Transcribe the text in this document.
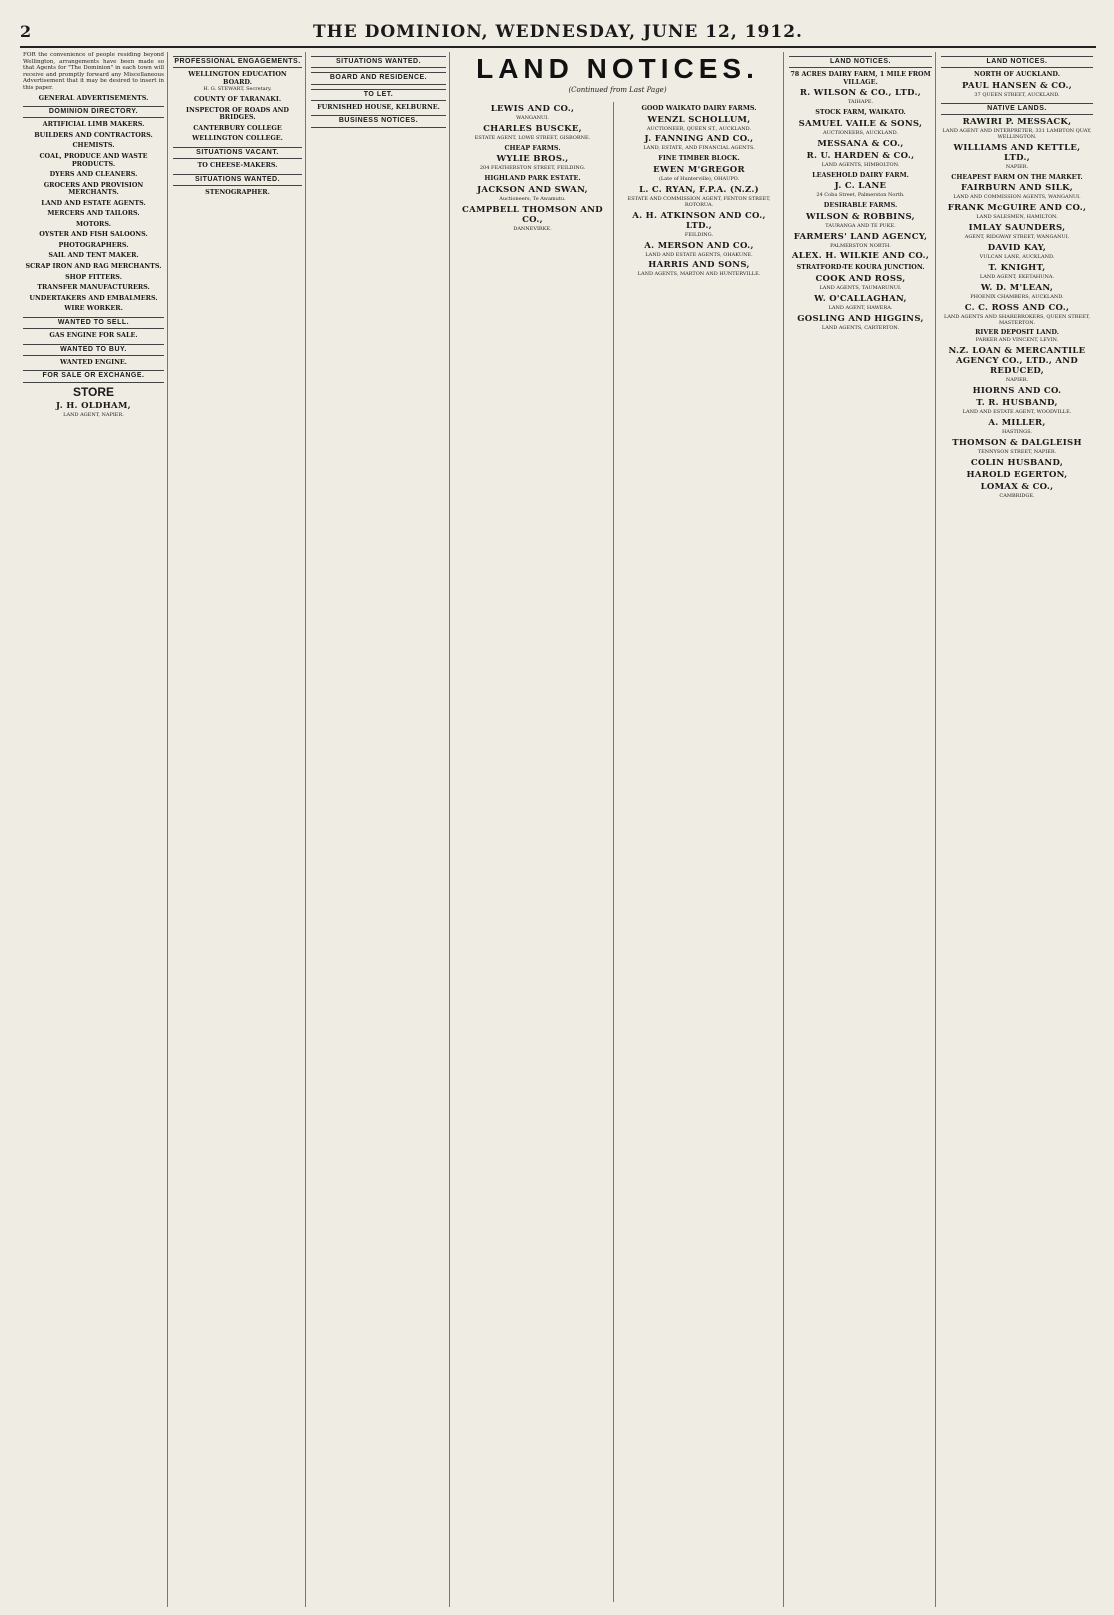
2	THE DOMINION, WEDNESDAY, JUNE 12, 1912.

FOR the convenience of people residing beyond Wellington, arrangements have been made so that Agents for "The Dominion" in each town will receive and promptly forward any Miscellaneous Advertisement that it may be desired to insert in this paper.

GENERAL ADVERTISEMENTS.
DOMINION DIRECTORY.
ARTIFICIAL LIMB MAKERS.
BUILDERS AND CONTRACTORS.
CHEMISTS.
COAL, PRODUCE AND WASTE PRODUCTS.
DYERS AND CLEANERS.
GROCERS AND PROVISION MERCHANTS.
LAND AND ESTATE AGENTS.
MERCERS AND TAILORS.
MOTORS.
OYSTER AND FISH SALOONS.
PHOTOGRAPHERS.
SAIL AND TENT MAKER.
SCRAP IRON AND RAG MERCHANTS.
SHOP FITTERS.
TRANSFER MANUFACTURERS.
UNDERTAKERS AND EMBALMERS.
WIRE WORKER.
WANTED TO SELL.
GAS ENGINE FOR SALE.
WANTED TO BUY.
WANTED ENGINE.
FOR SALE OR EXCHANGE.
STORE
J. H. OLDHAM,
LAND AGENT, NAPIER.
PROFESSIONAL ENGAGEMENTS.
WELLINGTON EDUCATION BOARD.
H. G. STEWART, Secretary.
COUNTY OF TARANAKI.
INSPECTOR OF ROADS AND BRIDGES.
CANTERBURY COLLEGE
WELLINGTON COLLEGE.
SITUATIONS VACANT.
TO CHEESE-MAKERS.
SITUATIONS WANTED.
STENOGRAPHER.
SITUATIONS WANTED.
BOARD AND RESIDENCE.
TO LET.
FURNISHED HOUSE, KELBURNE.
BUSINESS NOTICES.
LAND NOTICES.
(Continued from Last Page)
LEWIS AND CO.,
WANGANUI.
CHARLES BUSCKE,
ESTATE AGENT, LOWE STREET, GISBORNE.
CHEAP FARMS.
WYLIE BROS.,
204 FEATHERSTON STREET, FEILDING.
HIGHLAND PARK ESTATE.
JACKSON AND SWAN,
Auctioneers, Te Awamutu.
CAMPBELL THOMSON AND CO.,
DANNEVIRKE.
GOOD WAIKATO DAIRY FARMS.
WENZL SCHOLLUM,
AUCTIONEER, QUEEN ST., AUCKLAND.
J. FANNING AND CO.,
LAND, ESTATE, AND FINANCIAL AGENTS.
FINE TIMBER BLOCK.
EWEN M'GREGOR
(Late of Hunterville), OHAUPO.
L. C. RYAN, F.P.A. (N.Z.)
ESTATE AND COMMISSION AGENT, FENTON STREET, ROTORUA.
A. H. ATKINSON AND CO., LTD.,
FEILDING.
A. MERSON AND CO.,
LAND AND ESTATE AGENTS, OHAKUNE.
HARRIS AND SONS,
LAND AGENTS, MARTON AND HUNTERVILLE.
LAND NOTICES.
78 ACRES DAIRY FARM, 1 MILE FROM VILLAGE.
R. WILSON & CO., LTD.,
TAIHAPE.
STOCK FARM, WAIKATO.
SAMUEL VAILE & SONS,
AUCTIONEERS, AUCKLAND.
MESSANA & CO.,
R. U. HARDEN & CO.,
LAND AGENTS, HIMBOLTON.
LEASEHOLD DAIRY FARM.
J. C. LANE
24 Coba Street, Palmerston North.
DESIRABLE FARMS.
WILSON & ROBBINS,
TAURANGA AND TE PUKE.
FARMERS' LAND AGENCY,
PALMERSTON NORTH.
ALEX. H. WILKIE AND CO.,
STRATFORD-TE KOURA JUNCTION.
COOK AND ROSS,
LAND AGENTS, TAUMARUNUI.
W. O'CALLAGHAN,
LAND AGENT, HAWERA.
GOSLING AND HIGGINS,
LAND AGENTS, CARTERTON.
LAND NOTICES.
NORTH OF AUCKLAND.
PAUL HANSEN & CO.,
37 QUEEN STREET, AUCKLAND.
NATIVE LANDS.
RAWIRI P. MESSACK,
LAND AGENT AND INTERPRETER, 331 LAMBTON QUAY, WELLINGTON.
WILLIAMS AND KETTLE, LTD.,
NAPIER.
CHEAPEST FARM ON THE MARKET.
FAIRBURN AND SILK,
LAND AND COMMISSION AGENTS, WANGANUI.
FRANK McGUIRE AND CO.,
LAND SALESMEN, HAMILTON.
IMLAY SAUNDERS,
AGENT, RIDGWAY STREET, WANGANUI.
DAVID KAY,
VULCAN LANE, AUCKLAND.
T. KNIGHT,
LAND AGENT, EKETAHUNA.
W. D. M'LEAN,
PHOENIX CHAMBERS, AUCKLAND.
C. C. ROSS AND CO.,
LAND AGENTS AND SHAREBROKERS, QUEEN STREET, MASTERTON.
RIVER DEPOSIT LAND.
PARKER AND VINCENT, LEVIN.
N.Z. LOAN & MERCANTILE AGENCY CO., LTD., AND REDUCED,
NAPIER.
HIORNS AND CO.
T. R. HUSBAND,
LAND AND ESTATE AGENT, WOODVILLE.
A. MILLER,
HASTINGS.
THOMSON & DALGLEISH
TENNYSON STREET, NAPIER.
COLIN HUSBAND,
HAROLD EGERTON,
LOMAX & CO.,
CAMBRIDGE.
